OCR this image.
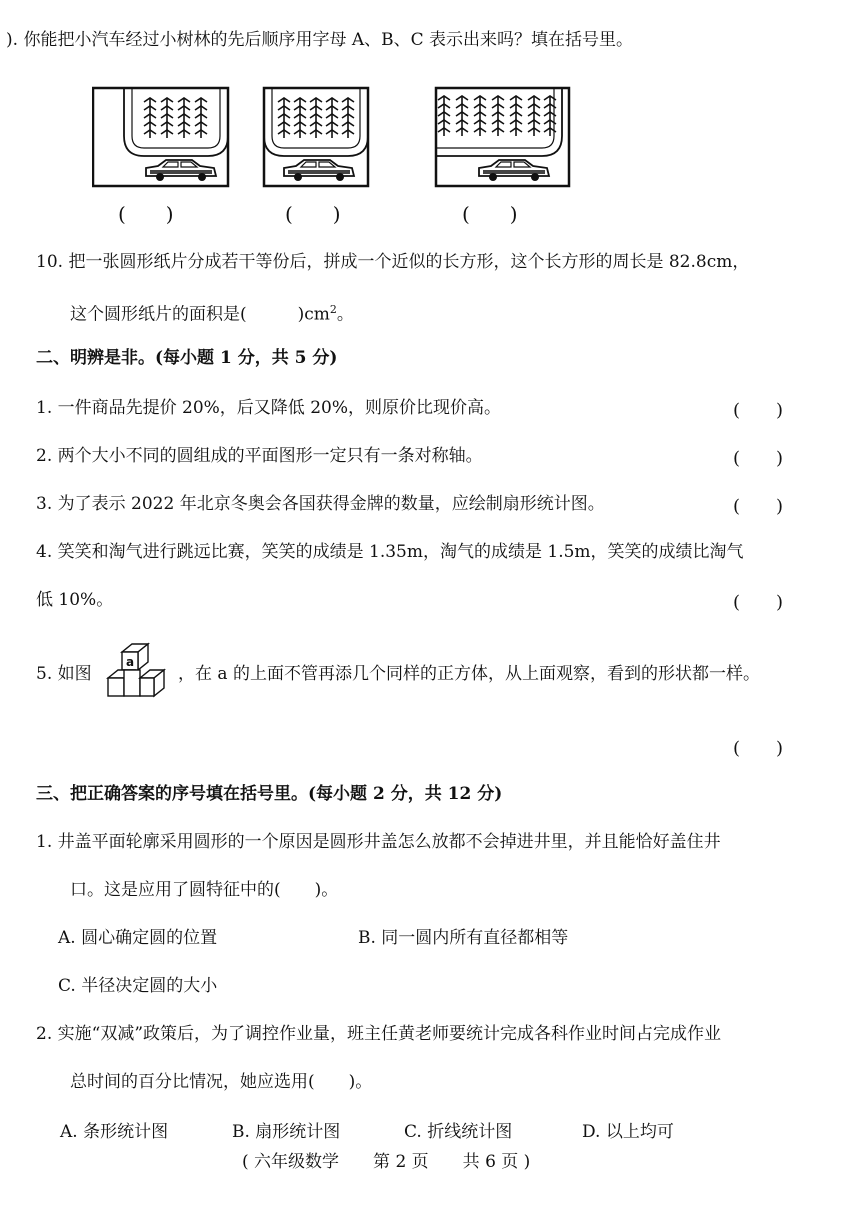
). 你能把小汽车经过小树林的先后顺序用字母 A、B、C 表示出来吗？填在括号里。
(　　)	(　　)	(　　)
10. 把一张圆形纸片分成若干等份后，拼成一个近似的长方形，这个长方形的周长是 82.8cm，
这个圆形纸片的面积是(　　　)$cm^2$。
二、明辨是非。(每小题 1 分，共 5 分)
1. 一件商品先提价 20%，后又降低 20%，则原价比现价高。	(　　)
2. 两个大小不同的圆组成的平面图形一定只有一条对称轴。	(　　)
3. 为了表示 2022 年北京冬奥会各国获得金牌的数量，应绘制扇形统计图。	(　　)
4. 笑笑和淘气进行跳远比赛，笑笑的成绩是 1.35m，淘气的成绩是 1.5m，笑笑的成绩比淘气
低 10%。	(　　)
5. 如图
a
，在 a 的上面不管再添几个同样的正方体，从上面观察，看到的形状都一样。
(　　)
三、把正确答案的序号填在括号里。(每小题 2 分，共 12 分)
1. 井盖平面轮廓采用圆形的一个原因是圆形井盖怎么放都不会掉进井里，并且能恰好盖住井
口。这是应用了圆特征中的(　　)。
A. 圆心确定圆的位置	B. 同一圆内所有直径都相等
C. 半径决定圆的大小
2. 实施“双减”政策后，为了调控作业量，班主任黄老师要统计完成各科作业时间占完成作业
总时间的百分比情况，她应选用(　　)。
A. 条形统计图	B. 扇形统计图	C. 折线统计图	D. 以上均可
( 六年级数学　　第 2 页　　共 6 页 )
